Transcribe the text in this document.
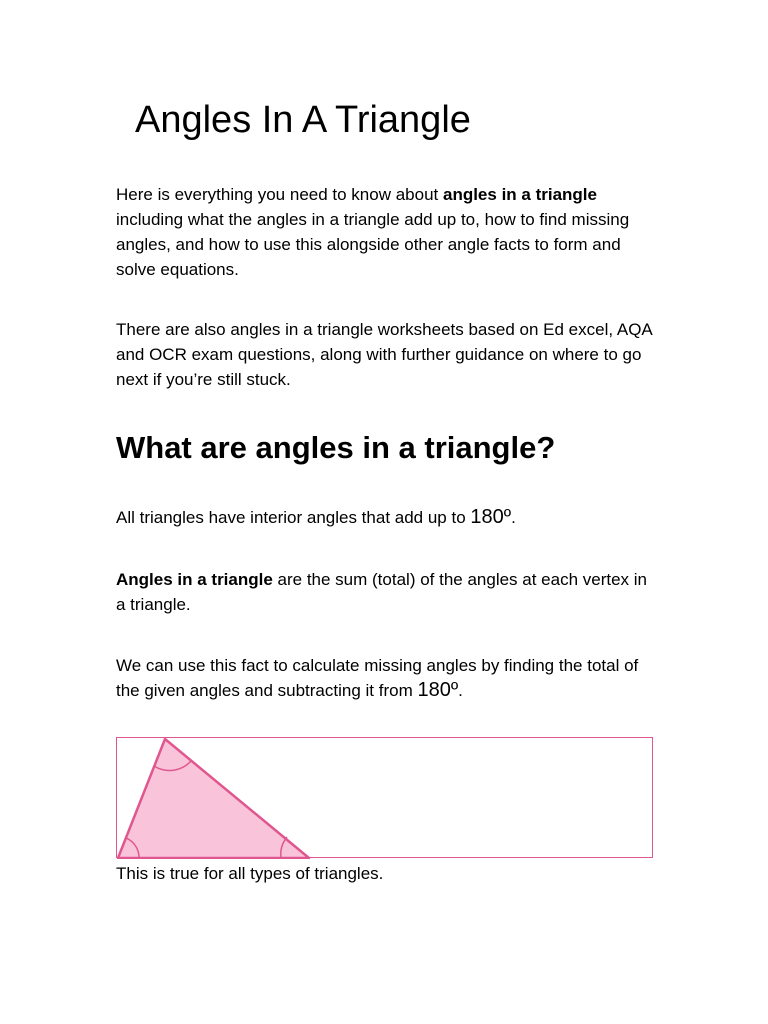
Angles In A Triangle

Here is everything you need to know about angles in a triangle including what the angles in a triangle add up to, how to find missing angles, and how to use this alongside other angle facts to form and solve equations.

There are also angles in a triangle worksheets based on Ed excel, AQA and OCR exam questions, along with further guidance on where to go next if you’re still stuck.

What are angles in a triangle?

All triangles have interior angles that add up to 180º.

Angles in a triangle are the sum (total) of the angles at each vertex in a triangle.

We can use this fact to calculate missing angles by finding the total of the given angles and subtracting it from 180º.

This is true for all types of triangles.
